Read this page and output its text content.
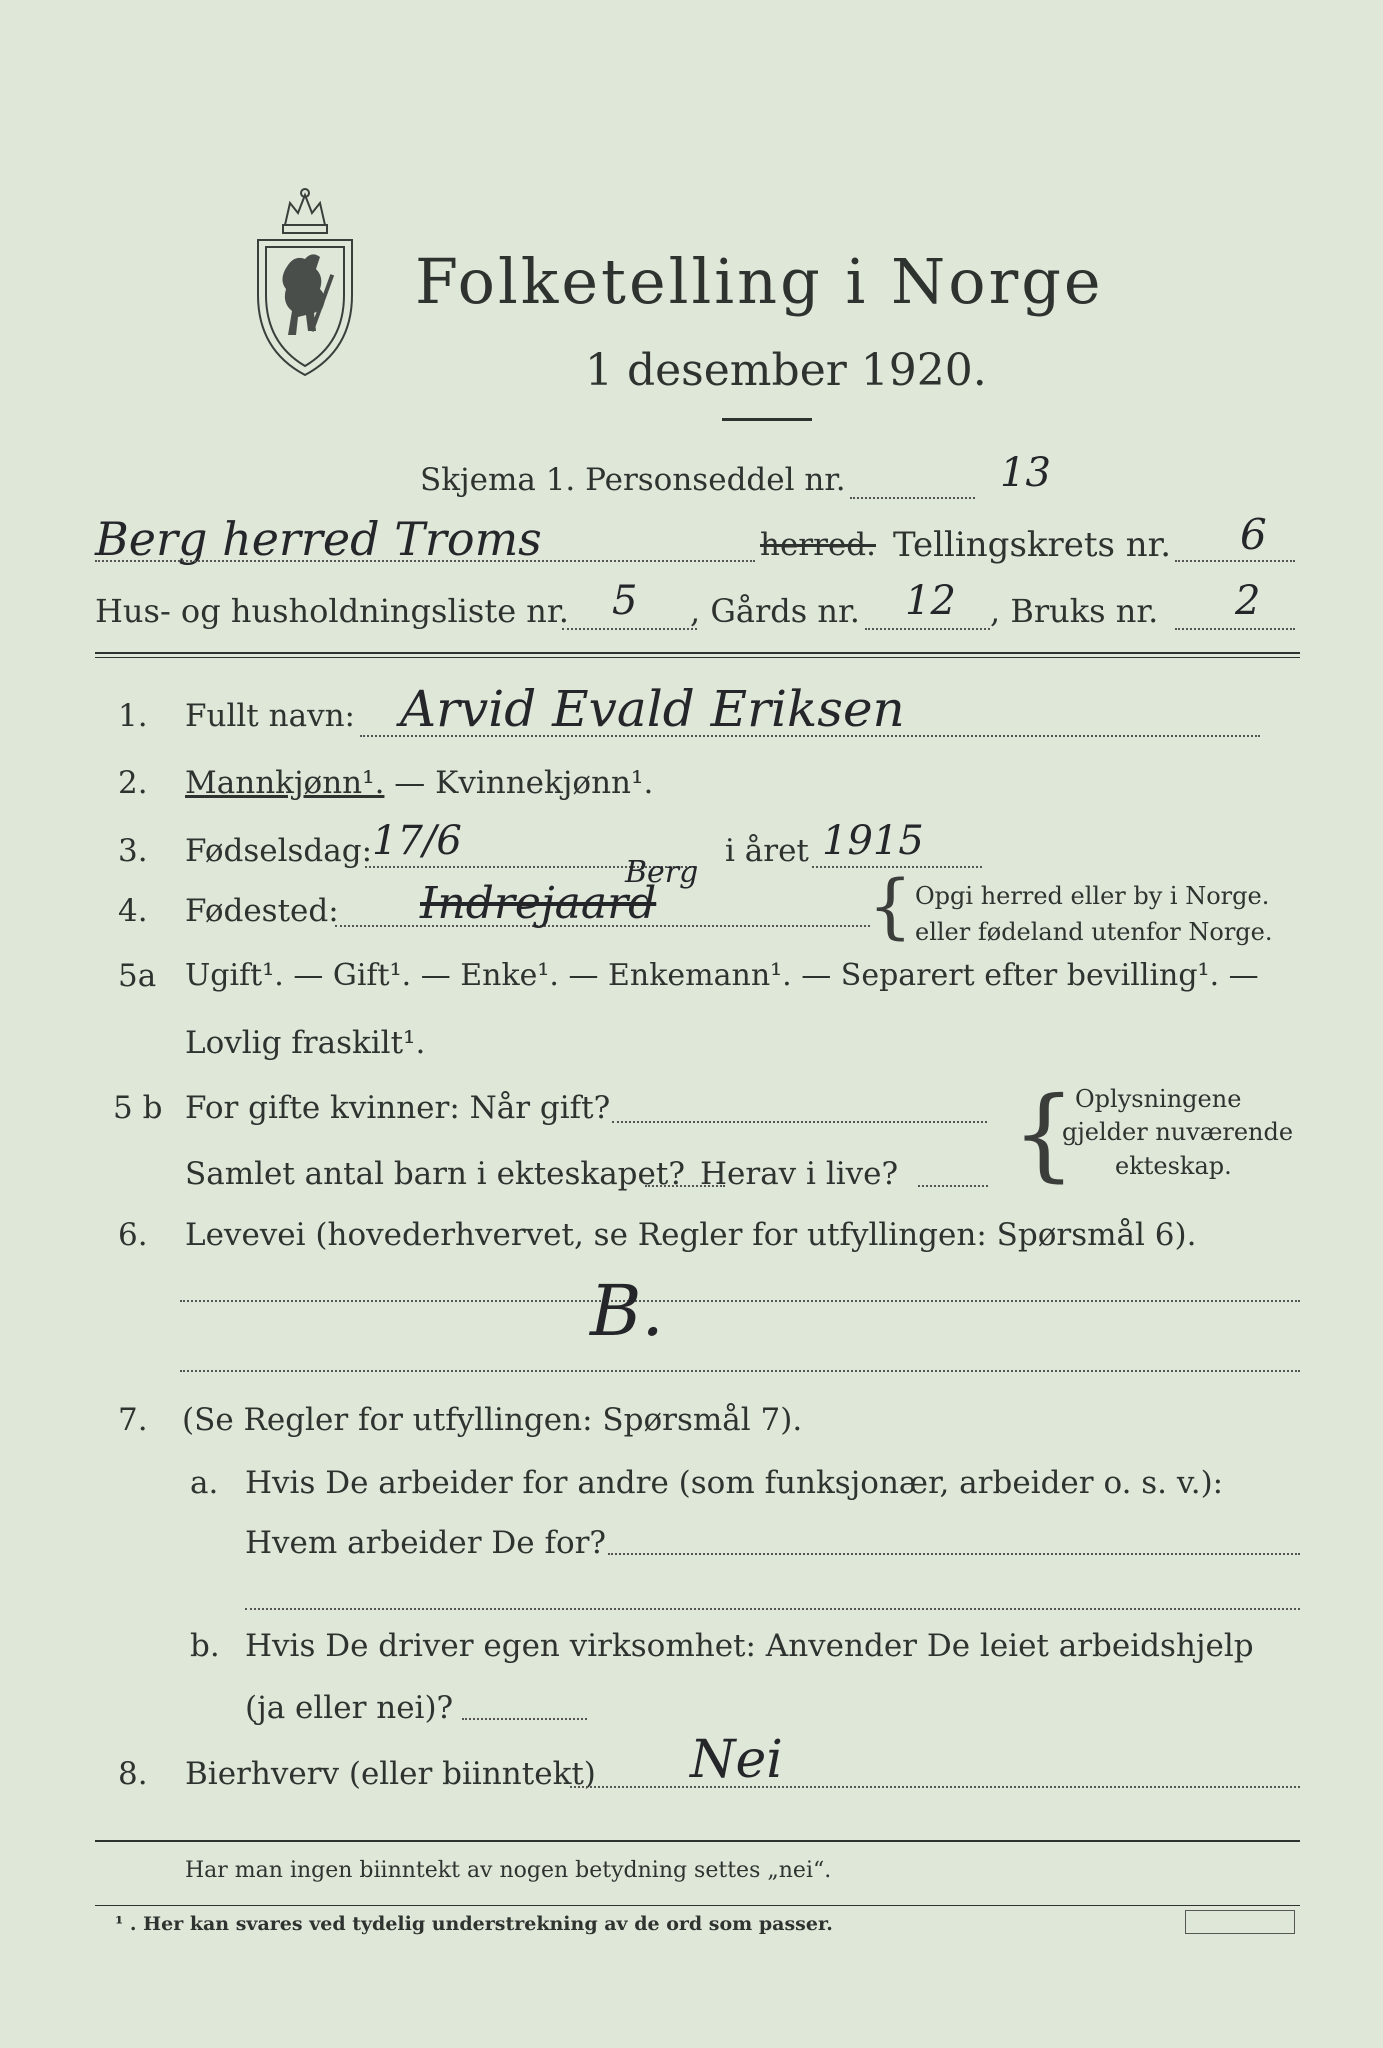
Folketelling i Norge
1 desember 1920.
Skjema 1. Personseddel nr.	13
Berg herred Troms	herred. Tellingskrets nr. 6
Hus- og husholdningsliste nr. 5 , Gårds nr. 12 , Bruks nr. 2
1. Fullt navn: Arvid Evald Eriksen
2. Mannkjønn¹. — Kvinnekjønn¹.
3. Fødselsdag: 17/6	i året 1915
4. Fødested: Indrejaard
Berg { Opgi herred eller by i Norge.
eller fødeland utenfor Norge.
5a Ugift¹. — Gift¹. — Enke¹. — Enkemann¹. — Separert efter bevilling¹. —
Lovlig fraskilt¹.
5 b For gifte kvinner: Når gift?
Samlet antal barn i ekteskapet? Herav i live? { Oplysningene
gjelder nuværende
ekteskap.
6. Levevei (hovederhvervet, se Regler for utfyllingen: Spørsmål 6).
B.
7. (Se Regler for utfyllingen: Spørsmål 7).
a. Hvis De arbeider for andre (som funksjonær, arbeider o. s. v.):
Hvem arbeider De for?
b. Hvis De driver egen virksomhet: Anvender De leiet arbeidshjelp
(ja eller nei)?
8. Bierhverv (eller biinntekt) Nei
Har man ingen biinntekt av nogen betydning settes „nei“.
¹ . Her kan svares ved tydelig understrekning av de ord som passer.
